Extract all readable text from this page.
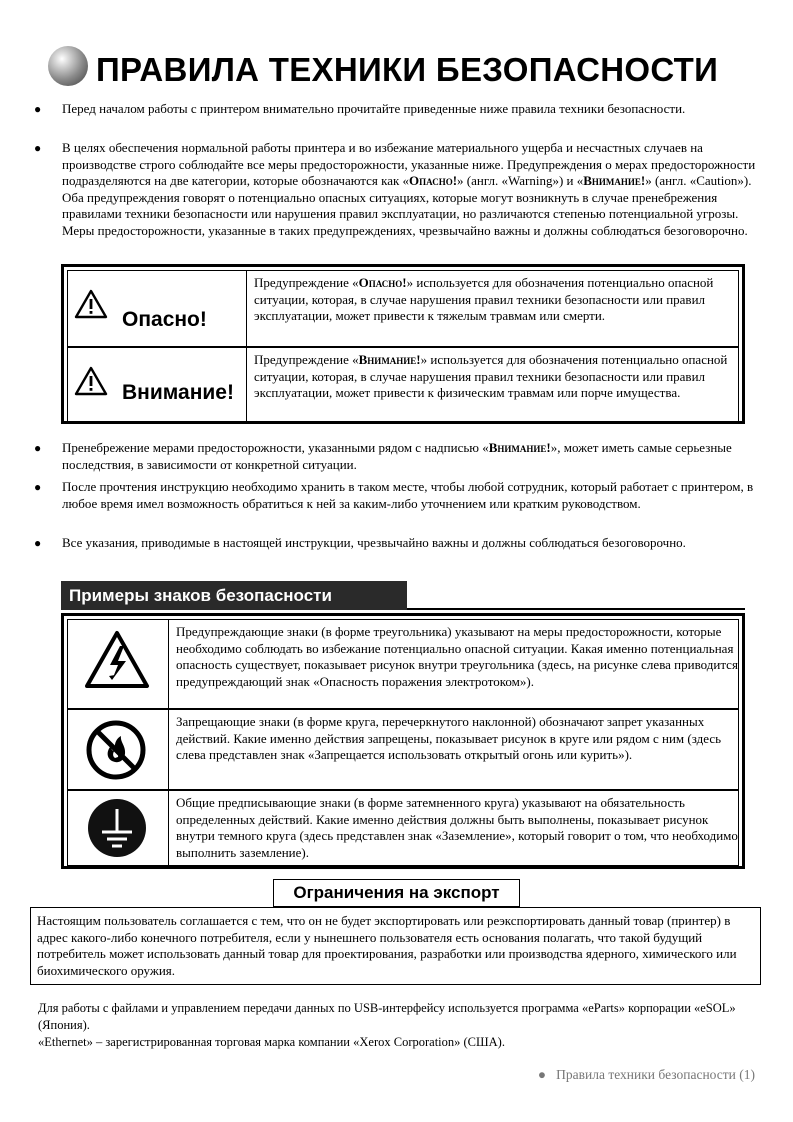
ПРАВИЛА ТЕХНИКИ БЕЗОПАСНОСТИ
● Перед началом работы с принтером внимательно прочитайте приведенные ниже правила техники безопасности.
● В целях обеспечения нормальной работы принтера и во избежание материального ущерба и несчастных случаев на производстве строго соблюдайте все меры предосторожности, указанные ниже. Предупреждения о мерах предосторожности подразделяются на две категории, которые обозначаются как «Опасно!» (англ. «Warning») и «Внимание!» (англ. «Caution»). Оба предупреждения говорят о потенциально опасных ситуациях, которые могут возникнуть в случае пренебрежения правилами техники безопасности или нарушения правил эксплуатации, но различаются степенью потенциальной угрозы. Меры предосторожности, указанные в таких предупреждениях, чрезвычайно важны и должны соблюдаться безоговорочно.
Опасно!
Предупреждение «Опасно!» используется для обозначения потенциально опасной ситуации, которая, в случае нарушения правил техники безопасности или правил эксплуатации, может привести к тяжелым травмам или смерти.
Внимание!
Предупреждение «Внимание!» используется для обозначения потенциально опасной ситуации, которая, в случае нарушения правил техники безопасности или правил эксплуатации, может привести к физическим травмам или порче имущества.
● Пренебрежение мерами предосторожности, указанными рядом с надписью «Внимание!», может иметь самые серьезные последствия, в зависимости от конкретной ситуации.
● После прочтения инструкцию необходимо хранить в таком месте, чтобы любой сотрудник, который работает с принтером, в любое время имел возможность обратиться к ней за каким-либо уточнением или кратким руководством.
● Все указания, приводимые в настоящей инструкции, чрезвычайно важны и должны соблюдаться безоговорочно.
Примеры знаков безопасности
Предупреждающие знаки (в форме треугольника) указывают на меры предосторожности, которые необходимо соблюдать во избежание потенциально опасной ситуации. Какая именно потенциальная опасность существует, показывает рисунок внутри треугольника (здесь, на рисунке слева приводится предупреждающий знак «Опасность поражения электротоком»).
Запрещающие знаки (в форме круга, перечеркнутого наклонной) обозначают запрет указанных действий. Какие именно действия запрещены, показывает рисунок в круге или рядом с ним (здесь слева представлен знак «Запрещается использовать открытый огонь или курить»).
Общие предписывающие знаки (в форме затемненного круга) указывают на обязательность определенных действий. Какие именно действия должны быть выполнены, показывает рисунок внутри темного круга (здесь представлен знак «Заземление», который говорит о том, что необходимо выполнить заземление).
Ограничения на экспорт
Настоящим пользователь соглашается с тем, что он не будет экспортировать или реэкспортировать данный товар (принтер) в адрес какого-либо конечного потребителя, если у нынешнего пользователя есть основания полагать, что такой будущий потребитель может использовать данный товар для проектирования, разработки или производства ядерного, химического или биохимического оружия.
Для работы с файлами и управлением передачи данных по USB-интерфейсу используется программа «eParts» корпорации «eSOL» (Япония).
«Ethernet» – зарегистрированная торговая марка компании «Xerox Corporation» (США).
● Правила техники безопасности (1)
